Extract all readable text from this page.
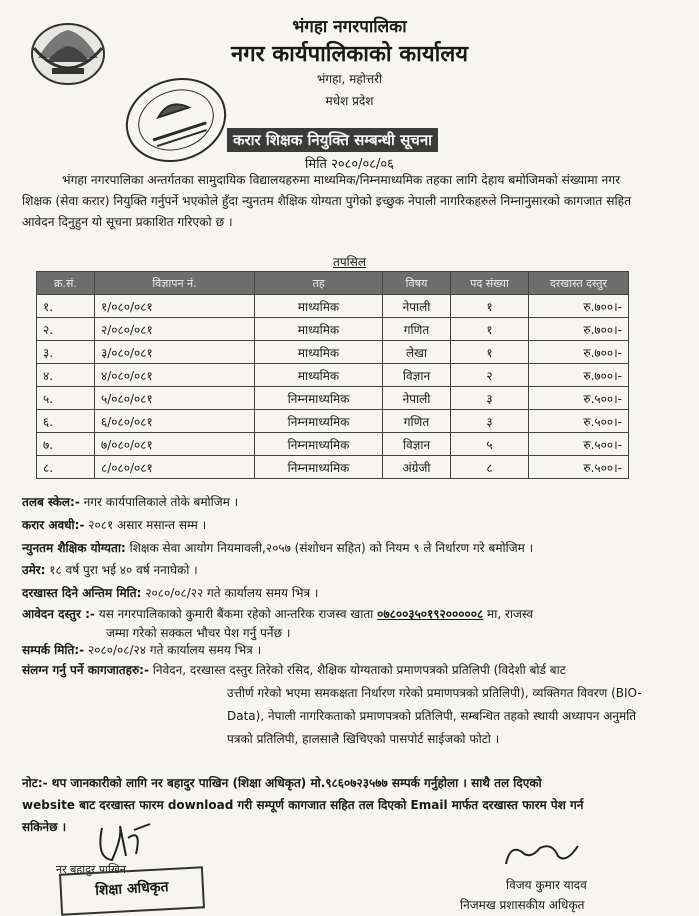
भंगहा नगरपालिका
नगर कार्यपालिकाको कार्यालय
भंगहा, महोत्तरी
मधेश प्रदेश
करार शिक्षक नियुक्ति सम्बन्धी सूचना
मिति २०८०/०८/०६
भंगहा नगरपालिका अन्तर्गतका सामुदायिक विद्यालयहरुमा माध्यमिक/निम्नमाध्यमिक तहका लागि देहाय बमोजिमको संख्यामा नगर शिक्षक (सेवा करार) नियुक्ति गर्नुपर्ने भएकोले हुँदा न्युनतम शैक्षिक योग्यता पुगेको इच्छुक नेपाली नागरिकहरुले निम्नानुसारको कागजात सहित आवेदन दिनुहुन यो सूचना प्रकाशित गरिएको छ ।
तपसिल
क्र.सं.	विज्ञापन नं.	तह	विषय	पद संख्या	दरखास्त दस्तुर
१.	१/०८०/०८१	माध्यमिक	नेपाली	१	रु.७००।-
२.	२/०८०/०८१	माध्यमिक	गणित	१	रु.७००।-
३.	३/०८०/०८१	माध्यमिक	लेखा	१	रु.७००।-
४.	४/०८०/०८१	माध्यमिक	विज्ञान	२	रु.७००।-
५.	५/०८०/०८१	निम्नमाध्यमिक	नेपाली	३	रु.५००।-
६.	६/०८०/०८१	निम्नमाध्यमिक	गणित	३	रु.५००।-
७.	७/०८०/०८१	निम्नमाध्यमिक	विज्ञान	५	रु.५००।-
८.	८/०८०/०८१	निम्नमाध्यमिक	अंग्रेजी	८	रु.५००।-
तलब स्केल:- नगर कार्यपालिकाले तोके बमोजिम ।
करार अवधी:- २०८१ असार मसान्त सम्म ।
न्युनतम शैक्षिक योग्यता: शिक्षक सेवा आयोग नियमावली,२०५७ (संशोधन सहित) को नियम ९ ले निर्धारण गरे बमोजिम ।
उमेर: १८ वर्ष पुरा भई ४० वर्ष ननाघेको ।
दरखास्त दिने अन्तिम मिति: २०८०/०८/२२ गते कार्यालय समय भित्र ।
आवेदन दस्तुर :- यस नगरपालिकाको कुमारी बैंकमा रहेको आन्तरिक राजस्व खाता ०७८००३५०१९२०००००८ मा, राजस्व
जम्मा गरेको सक्कल भौचर पेश गर्नु पर्नेछ ।
सम्पर्क मिति:- २०८०/०८/२४ गते कार्यालय समय भित्र ।
संलग्न गर्नु पर्ने कागजातहरु:- निवेदन, दरखास्त दस्तुर तिरेको रसिद, शैक्षिक योग्यताको प्रमाणपत्रको प्रतिलिपी (विदेशी बोर्ड बाट
उत्तीर्ण गरेको भएमा समकक्षता निर्धारण गरेको प्रमाणपत्रको प्रतिलिपी), व्यक्तिगत विवरण (BIO-
Data), नेपाली नागरिकताको प्रमाणपत्रको प्रतिलिपी, सम्बन्धित तहको स्थायी अध्यापन अनुमति
पत्रको प्रतिलिपी, हालसालै खिचिएको पासपोर्ट साईजको फोटो ।
नोट:- थप जानकारीको लागि नर बहादुर पाखिन (शिक्षा अधिकृत) मो.९८६०७२३५७७ सम्पर्क गर्नुहोला । साथै तल दिएको
website बाट दरखास्त फारम download गरी सम्पूर्ण कागजात सहित तल दिएको Email मार्फत दरखास्त फारम पेश गर्न
सकिनेछ ।
नर बहादुर पाखिन
शिक्षा अधिकृत	विजय कुमार यादव
निजमख प्रशासकीय अधिकृत
